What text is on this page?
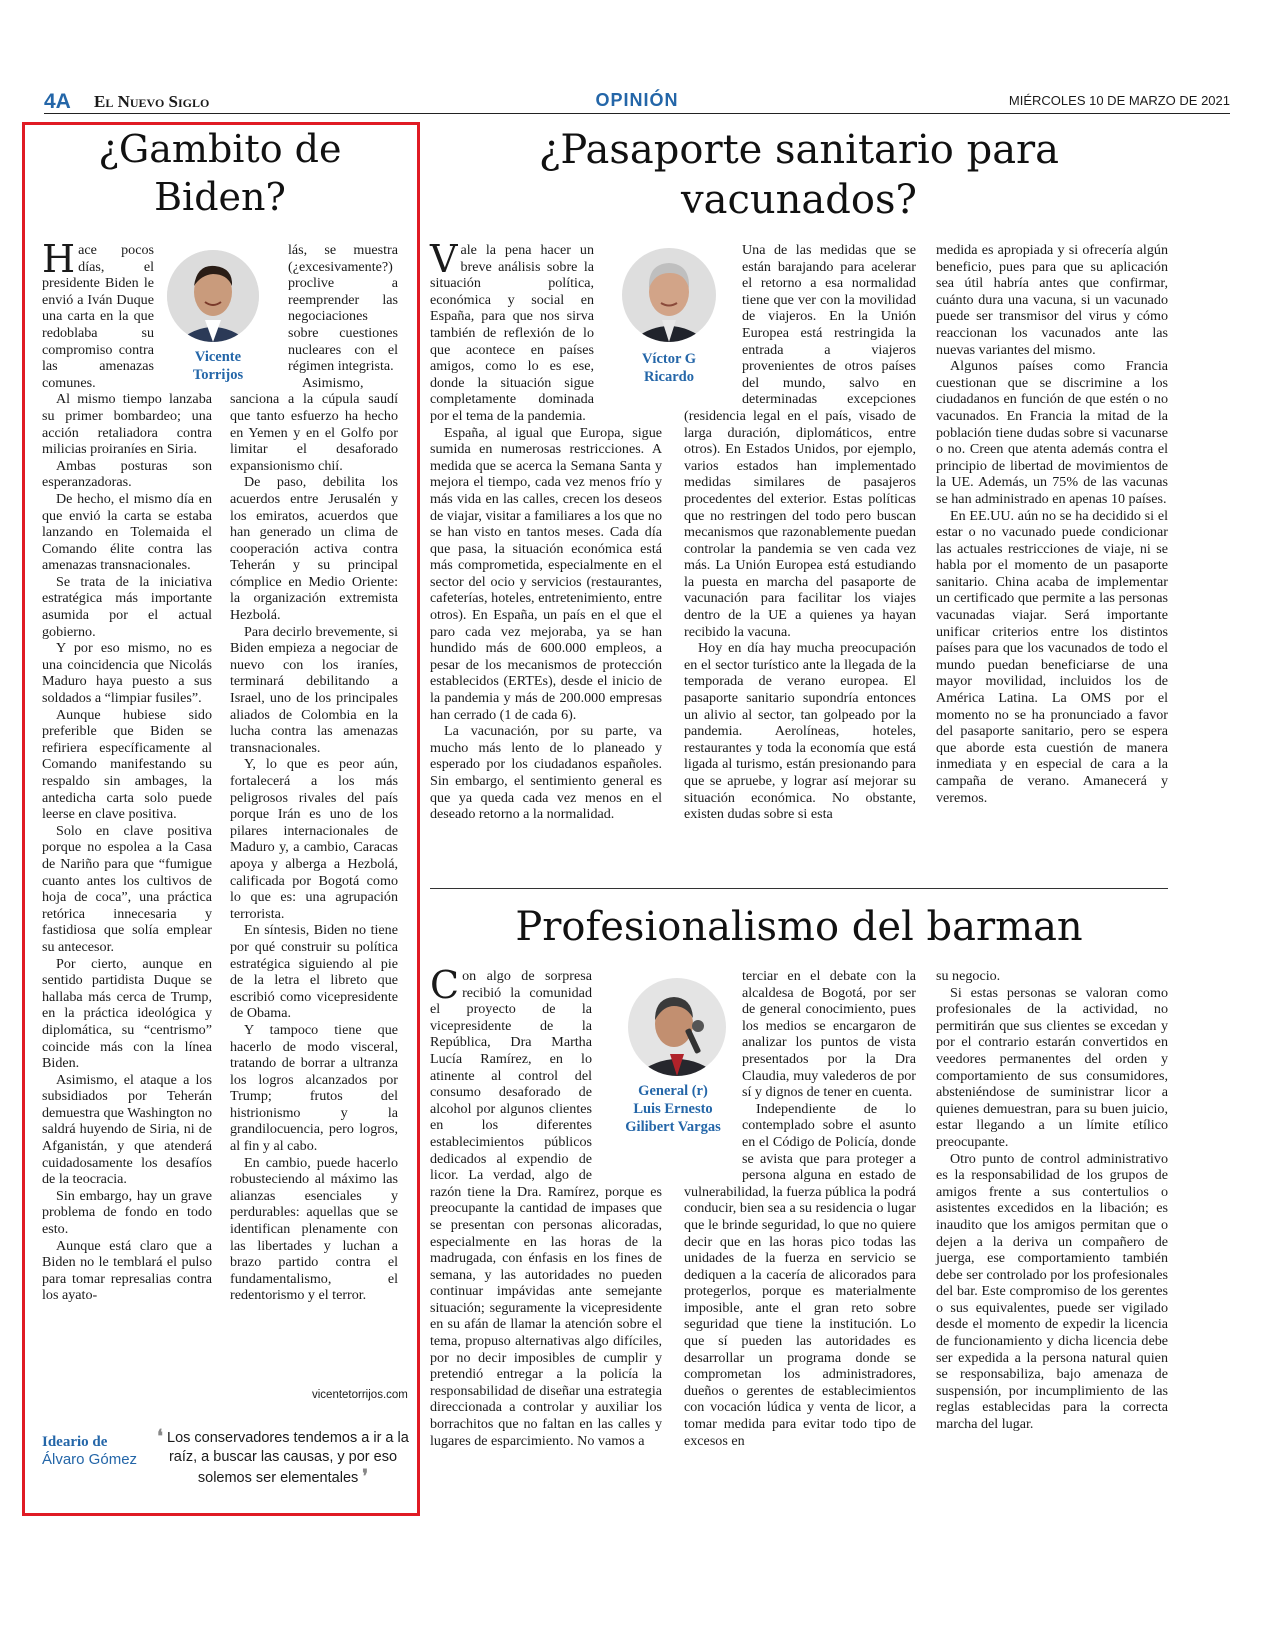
4A El Nuevo Siglo	OPINIÓN	MIÉRCOLES 10 DE MARZO DE 2021
¿Gambito de Biden?
Vicente
Torrijos
H ace pocos días, el presidente Biden le envió a Iván Duque una carta en la que redoblaba su compromiso contra las amenazas comunes.

Al mismo tiempo lanzaba su primer bombardeo; una acción retaliadora contra milicias proiraníes en Siria.

Ambas posturas son esperanzadoras.

De hecho, el mismo día en que envió la carta se estaba lanzando en Tolemaida el Comando élite contra las amenazas transnacionales.

Se trata de la iniciativa estratégica más importante asumida por el actual gobierno.

Y por eso mismo, no es una coincidencia que Nicolás Maduro haya puesto a sus soldados a “limpiar fusiles”.

Aunque hubiese sido preferible que Biden se refiriera específicamente al Comando manifestando su respaldo sin ambages, la antedicha carta solo puede leerse en clave positiva.

Solo en clave positiva porque no espolea a la Casa de Nariño para que “fumigue cuanto antes los cultivos de hoja de coca”, una práctica retórica innecesaria y fastidiosa que solía emplear su antecesor.

Por cierto, aunque en sentido partidista Duque se hallaba más cerca de Trump, en la práctica ideológica y diplomática, su “centrismo” coincide más con la línea Biden.

Asimismo, el ataque a los subsidiados por Teherán demuestra que Washington no saldrá huyendo de Siria, ni de Afganistán, y que atenderá cuidadosamente los desafíos de la teocracia.

Sin embargo, hay un grave problema de fondo en todo esto.

Aunque está claro que a Biden no le temblará el pulso para tomar represalias contra los ayato-

lás, se muestra (¿excesivamente?) proclive a reemprender las negociaciones sobre cuestiones nucleares con el régimen integrista.

Asimismo, sanciona a la cúpula saudí que tanto esfuerzo ha hecho en Yemen y en el Golfo por limitar el desaforado expansionismo chií.

De paso, debilita los acuerdos entre Jerusalén y los emiratos, acuerdos que han generado un clima de cooperación activa contra Teherán y su principal cómplice en Medio Oriente: la organización extremista Hezbolá.

Para decirlo brevemente, si Biden empieza a negociar de nuevo con los iraníes, terminará debilitando a Israel, uno de los principales aliados de Colombia en la lucha contra las amenazas transnacionales.

Y, lo que es peor aún, fortalecerá a los más peligrosos rivales del país porque Irán es uno de los pilares internacionales de Maduro y, a cambio, Caracas apoya y alberga a Hezbolá, calificada por Bogotá como lo que es: una agrupación terrorista.

En síntesis, Biden no tiene por qué construir su política estratégica siguiendo al pie de la letra el libreto que escribió como vicepresidente de Obama.

Y tampoco tiene que hacerlo de modo visceral, tratando de borrar a ultranza los logros alcanzados por Trump; frutos del histrionismo y la grandilocuencia, pero logros, al fin y al cabo.

En cambio, puede hacerlo robusteciendo al máximo las alianzas esenciales y perdurables: aquellas que se identifican plenamente con las libertades y luchan a brazo partido contra el fundamentalismo, el redentorismo y el terror.

vicentetorrijos.com
Ideario de
Álvaro Gómez
❛ Los conservadores tendemos a ir a la raíz, a buscar las causas, y por eso solemos ser elementales ❜
¿Pasaporte sanitario para vacunados?
Víctor G
Ricardo
V ale la pena hacer un breve análisis sobre la situación política, económica y social en España, para que nos sirva también de reflexión de lo que acontece en países amigos, como lo es ese, donde la situación sigue completamente dominada por el tema de la pandemia.

España, al igual que Europa, sigue sumida en numerosas restricciones. A medida que se acerca la Semana Santa y mejora el tiempo, cada vez menos frío y más vida en las calles, crecen los deseos de viajar, visitar a familiares a los que no se han visto en tantos meses. Cada día que pasa, la situación económica está más comprometida, especialmente en el sector del ocio y servicios (restaurantes, cafeterías, hoteles, entretenimiento, entre otros). En España, un país en el que el paro cada vez mejoraba, ya se han hundido más de 600.000 empleos, a pesar de los mecanismos de protección establecidos (ERTEs), desde el inicio de la pandemia y más de 200.000 empresas han cerrado (1 de cada 6).

La vacunación, por su parte, va mucho más lento de lo planeado y esperado por los ciudadanos españoles. Sin embargo, el sentimiento general es que ya queda cada vez menos en el deseado retorno a la normalidad.

Una de las medidas que se están barajando para acelerar el retorno a esa normalidad tiene que ver con la movilidad de viajeros. En la Unión Europea está restringida la entrada a viajeros provenientes de otros países del mundo, salvo en determinadas excepciones (residencia legal en el país, visado de larga duración, diplomáticos, entre otros). En Estados Unidos, por ejemplo, varios estados han implementado medidas similares de pasajeros procedentes del exterior. Estas políticas que no restringen del todo pero buscan mecanismos que razonablemente puedan controlar la pandemia se ven cada vez más. La Unión Europea está estudiando la puesta en marcha del pasaporte de vacunación para facilitar los viajes dentro de la UE a quienes ya hayan recibido la vacuna.

Hoy en día hay mucha preocupación en el sector turístico ante la llegada de la temporada de verano europea. El pasaporte sanitario supondría entonces un alivio al sector, tan golpeado por la pandemia. Aerolíneas, hoteles, restaurantes y toda la economía que está ligada al turismo, están presionando para que se apruebe, y lograr así mejorar su situación económica. No obstante, existen dudas sobre si esta

medida es apropiada y si ofrecería algún beneficio, pues para que su aplicación sea útil habría antes que confirmar, cuánto dura una vacuna, si un vacunado puede ser transmisor del virus y cómo reaccionan los vacunados ante las nuevas variantes del mismo.

Algunos países como Francia cuestionan que se discrimine a los ciudadanos en función de que estén o no vacunados. En Francia la mitad de la población tiene dudas sobre si vacunarse o no. Creen que atenta además contra el principio de libertad de movimientos de la UE. Además, un 75% de las vacunas se han administrado en apenas 10 países.

En EE.UU. aún no se ha decidido si el estar o no vacunado puede condicionar las actuales restricciones de viaje, ni se habla por el momento de un pasaporte sanitario. China acaba de implementar un certificado que permite a las personas vacunadas viajar. Será importante unificar criterios entre los distintos países para que los vacunados de todo el mundo puedan beneficiarse de una mayor movilidad, incluidos los de América Latina. La OMS por el momento no se ha pronunciado a favor del pasaporte sanitario, pero se espera que aborde esta cuestión de manera inmediata y en especial de cara a la campaña de verano. Amanecerá y veremos.

Profesionalismo del barman
General (r)
Luis Ernesto
Gilibert Vargas
C on algo de sorpresa recibió la comunidad el proyecto de la vicepresidente de la República, Dra Martha Lucía Ramírez, en lo atinente al control del consumo desaforado de alcohol por algunos clientes en los diferentes establecimientos públicos dedicados al expendio de licor. La verdad, algo de razón tiene la Dra. Ramírez, porque es preocupante la cantidad de impases que se presentan con personas alicoradas, especialmente en las horas de la madrugada, con énfasis en los fines de semana, y las autoridades no pueden continuar impávidas ante semejante situación; seguramente la vicepresidente en su afán de llamar la atención sobre el tema, propuso alternativas algo difíciles, por no decir imposibles de cumplir y pretendió entregar a la policía la responsabilidad de diseñar una estrategia direccionada a controlar y auxiliar los borrachitos que no faltan en las calles y lugares de esparcimiento. No vamos a

terciar en el debate con la alcaldesa de Bogotá, por ser de general conocimiento, pues los medios se encargaron de analizar los puntos de vista presentados por la Dra Claudia, muy valederos de por sí y dignos de tener en cuenta.

Independiente de lo contemplado sobre el asunto en el Código de Policía, donde se avista que para proteger a persona alguna en estado de vulnerabilidad, la fuerza pública la podrá conducir, bien sea a su residencia o lugar que le brinde seguridad, lo que no quiere decir que en las horas pico todas las unidades de la fuerza en servicio se dediquen a la cacería de alicorados para protegerlos, porque es materialmente imposible, ante el gran reto sobre seguridad que tiene la institución. Lo que sí pueden las autoridades es desarrollar un programa donde se comprometan los administradores, dueños o gerentes de establecimientos con vocación lúdica y venta de licor, a tomar medida para evitar todo tipo de excesos en

su negocio.

Si estas personas se valoran como profesionales de la actividad, no permitirán que sus clientes se excedan y por el contrario estarán convertidos en veedores permanentes del orden y comportamiento de sus consumidores, absteniéndose de suministrar licor a quienes demuestran, para su buen juicio, estar llegando a un límite etílico preocupante.

Otro punto de control administrativo es la responsabilidad de los grupos de amigos frente a sus contertulios o asistentes excedidos en la libación; es inaudito que los amigos permitan que o dejen a la deriva un compañero de juerga, ese comportamiento también debe ser controlado por los profesionales del bar. Este compromiso de los gerentes o sus equivalentes, puede ser vigilado desde el momento de expedir la licencia de funcionamiento y dicha licencia debe ser expedida a la persona natural quien se responsabiliza, bajo amenaza de suspensión, por incumplimiento de las reglas establecidas para la correcta marcha del lugar.
